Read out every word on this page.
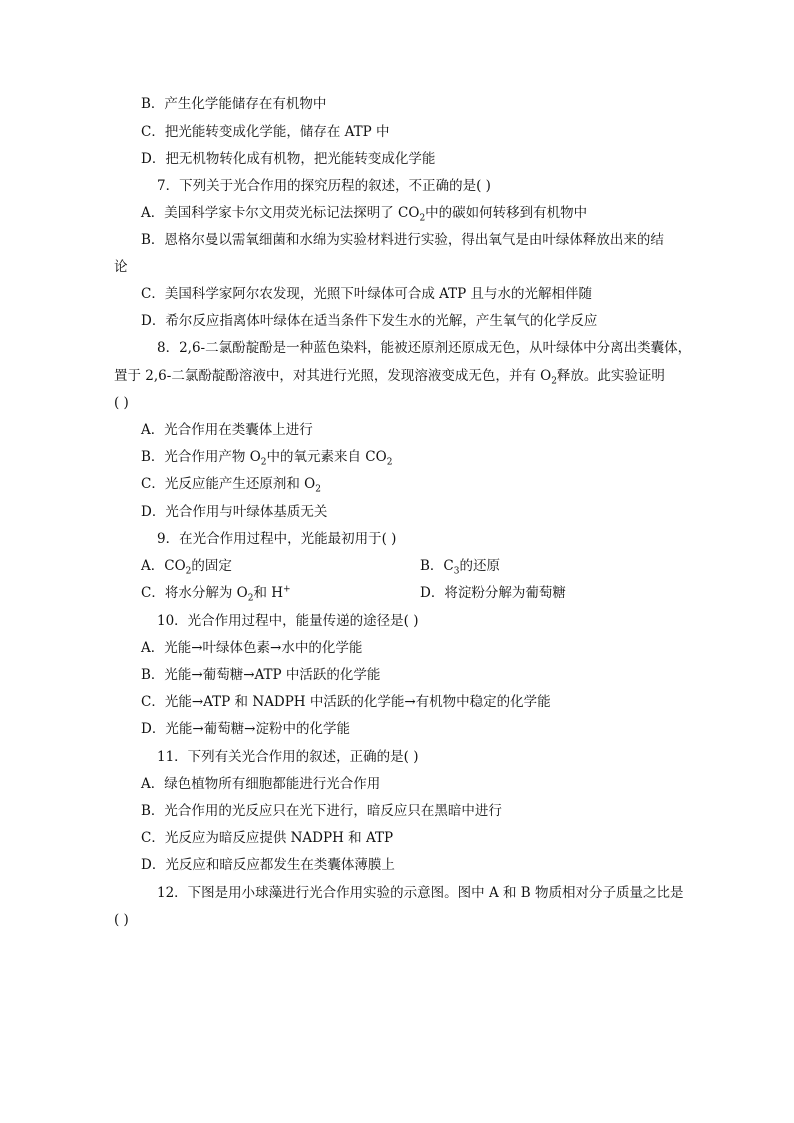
B．产生化学能储存在有机物中
C．把光能转变成化学能，储存在 ATP 中
D．把无机物转化成有机物，把光能转变成化学能
7．下列关于光合作用的探究历程的叙述，不正确的是( )
A．美国科学家卡尔文用荧光标记法探明了 $CO_2$中的碳如何转移到有机物中
B．恩格尔曼以需氧细菌和水绵为实验材料进行实验，得出氧气是由叶绿体释放出来的结
论
C．美国科学家阿尔农发现，光照下叶绿体可合成 ATP 且与水的光解相伴随
D．希尔反应指离体叶绿体在适当条件下发生水的光解，产生氧气的化学反应
8．2,6-二氯酚靛酚是一种蓝色染料，能被还原剂还原成无色，从叶绿体中分离出类囊体，
置于 2,6-二氯酚靛酚溶液中，对其进行光照，发现溶液变成无色，并有 $O_2$释放。此实验证明
( )
A．光合作用在类囊体上进行
B．光合作用产物 $O_2$中的氧元素来自 $CO_2$
C．光反应能产生还原剂和 $O_2$
D．光合作用与叶绿体基质无关
9．在光合作用过程中，光能最初用于( )
A．$CO_2$的固定	B．$C_3$的还原
C．将水分解为 $O_2$和 H+	D．将淀粉分解为葡萄糖
10．光合作用过程中，能量传递的途径是( )
A．光能→叶绿体色素→水中的化学能
B．光能→葡萄糖→ATP 中活跃的化学能
C．光能→ATP 和 NADPH 中活跃的化学能→有机物中稳定的化学能
D．光能→葡萄糖→淀粉中的化学能
11．下列有关光合作用的叙述，正确的是( )
A．绿色植物所有细胞都能进行光合作用
B．光合作用的光反应只在光下进行，暗反应只在黑暗中进行
C．光反应为暗反应提供 NADPH 和 ATP
D．光反应和暗反应都发生在类囊体薄膜上
12．下图是用小球藻进行光合作用实验的示意图。图中 A 和 B 物质相对分子质量之比是
( )
